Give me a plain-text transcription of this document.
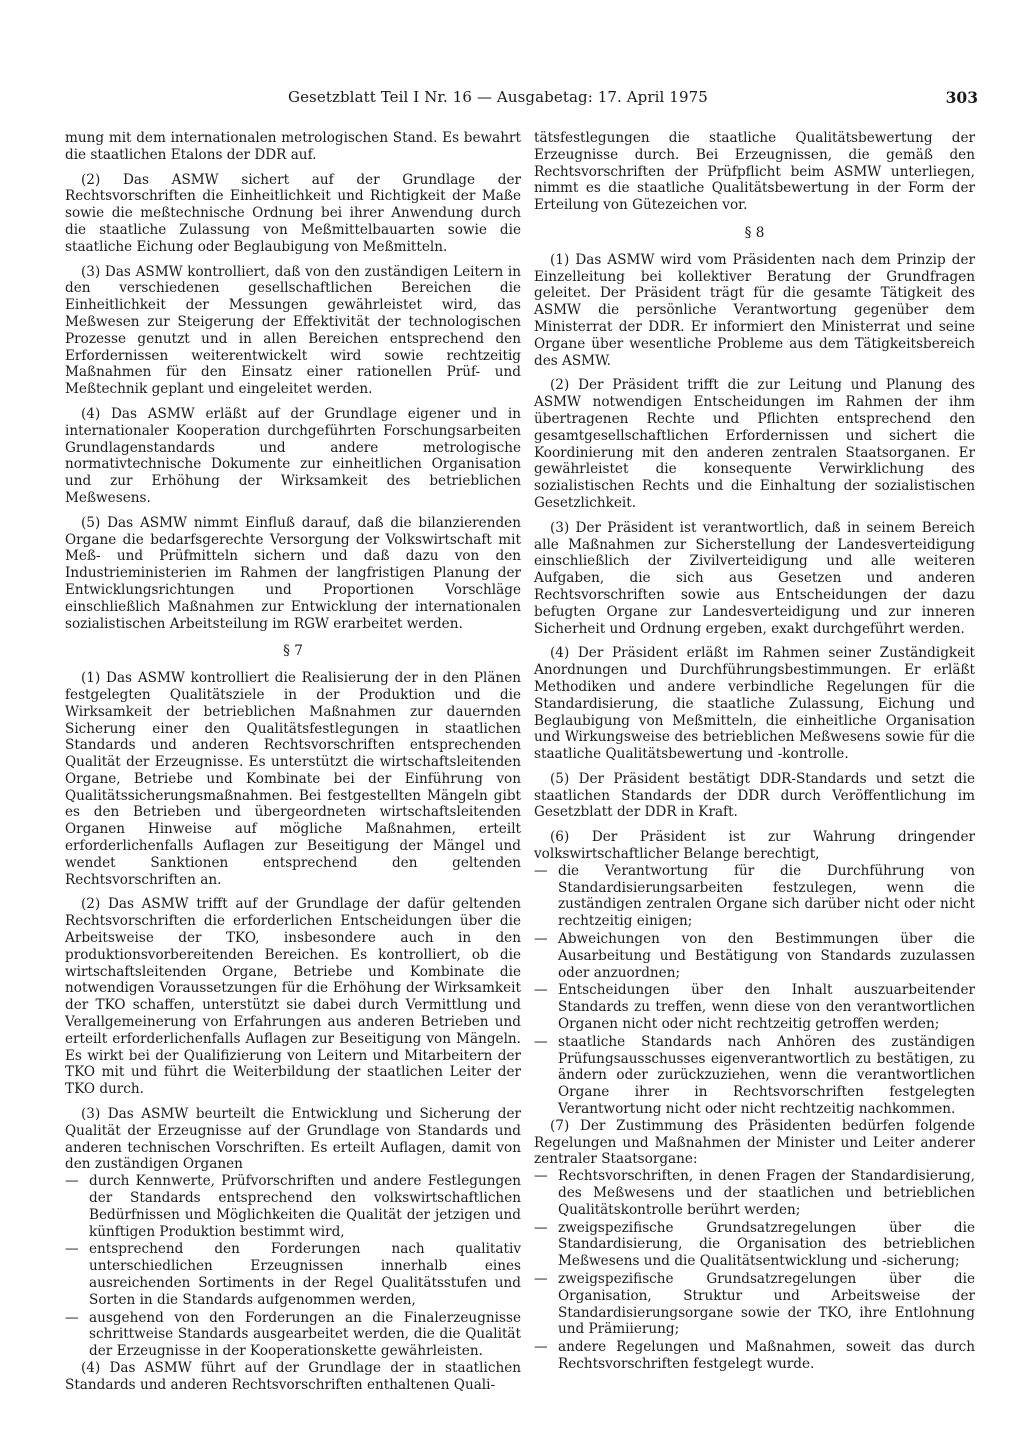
Gesetzblatt Teil I Nr. 16 — Ausgabetag: 17. April 1975	303

mung mit dem internationalen metrologischen Stand. Es bewahrt die staatlichen Etalons der DDR auf.

(2) Das ASMW sichert auf der Grundlage der Rechtsvorschriften die Einheitlichkeit und Richtigkeit der Maße sowie die meßtechnische Ordnung bei ihrer Anwendung durch die staatliche Zulassung von Meßmittelbauarten sowie die staatliche Eichung oder Beglaubigung von Meßmitteln.

(3) Das ASMW kontrolliert, daß von den zuständigen Leitern in den verschiedenen gesellschaftlichen Bereichen die Einheitlichkeit der Messungen gewährleistet wird, das Meßwesen zur Steigerung der Effektivität der technologischen Prozesse genutzt und in allen Bereichen entsprechend den Erfordernissen weiterentwickelt wird sowie rechtzeitig Maßnahmen für den Einsatz einer rationellen Prüf- und Meßtechnik geplant und eingeleitet werden.

(4) Das ASMW erläßt auf der Grundlage eigener und in internationaler Kooperation durchgeführten Forschungsarbeiten Grundlagenstandards und andere metrologische normativtechnische Dokumente zur einheitlichen Organisation und zur Erhöhung der Wirksamkeit des betrieblichen Meßwesens.

(5) Das ASMW nimmt Einfluß darauf, daß die bilanzierenden Organe die bedarfsgerechte Versorgung der Volkswirtschaft mit Meß- und Prüfmitteln sichern und daß dazu von den Industrieministerien im Rahmen der langfristigen Planung der Entwicklungsrichtungen und Proportionen Vorschläge einschließlich Maßnahmen zur Entwicklung der internationalen sozialistischen Arbeitsteilung im RGW erarbeitet werden.

§ 7

(1) Das ASMW kontrolliert die Realisierung der in den Plänen festgelegten Qualitätsziele in der Produktion und die Wirksamkeit der betrieblichen Maßnahmen zur dauernden Sicherung einer den Qualitätsfestlegungen in staatlichen Standards und anderen Rechtsvorschriften entsprechenden Qualität der Erzeugnisse. Es unterstützt die wirtschaftsleitenden Organe, Betriebe und Kombinate bei der Einführung von Qualitätssicherungsmaßnahmen. Bei festgestellten Mängeln gibt es den Betrieben und übergeordneten wirtschaftsleitenden Organen Hinweise auf mögliche Maßnahmen, erteilt erforderlichenfalls Auflagen zur Beseitigung der Mängel und wendet Sanktionen entsprechend den geltenden Rechtsvorschriften an.

(2) Das ASMW trifft auf der Grundlage der dafür geltenden Rechtsvorschriften die erforderlichen Entscheidungen über die Arbeitsweise der TKO, insbesondere auch in den produktionsvorbereitenden Bereichen. Es kontrolliert, ob die wirtschaftsleitenden Organe, Betriebe und Kombinate die notwendigen Voraussetzungen für die Erhöhung der Wirksamkeit der TKO schaffen, unterstützt sie dabei durch Vermittlung und Verallgemeinerung von Erfahrungen aus anderen Betrieben und erteilt erforderlichenfalls Auflagen zur Beseitigung von Mängeln. Es wirkt bei der Qualifizierung von Leitern und Mitarbeitern der TKO mit und führt die Weiterbildung der staatlichen Leiter der TKO durch.

(3) Das ASMW beurteilt die Entwicklung und Sicherung der Qualität der Erzeugnisse auf der Grundlage von Standards und anderen technischen Vorschriften. Es erteilt Auflagen, damit von den zuständigen Organen

— durch Kennwerte, Prüfvorschriften und andere Festlegungen der Standards entsprechend den volkswirtschaftlichen Bedürfnissen und Möglichkeiten die Qualität der jetzigen und künftigen Produktion bestimmt wird,
— entsprechend den Forderungen nach qualitativ unterschiedlichen Erzeugnissen innerhalb eines ausreichenden Sortiments in der Regel Qualitätsstufen und Sorten in die Standards aufgenommen werden,
— ausgehend von den Forderungen an die Finalerzeugnisse schrittweise Standards ausgearbeitet werden, die die Qualität der Erzeugnisse in der Kooperationskette gewährleisten.

(4) Das ASMW führt auf der Grundlage der in staatlichen Standards und anderen Rechtsvorschriften enthaltenen Quali-

tätsfestlegungen die staatliche Qualitätsbewertung der Erzeugnisse durch. Bei Erzeugnissen, die gemäß den Rechtsvorschriften der Prüfpflicht beim ASMW unterliegen, nimmt es die staatliche Qualitätsbewertung in der Form der Erteilung von Gütezeichen vor.

§ 8

(1) Das ASMW wird vom Präsidenten nach dem Prinzip der Einzelleitung bei kollektiver Beratung der Grundfragen geleitet. Der Präsident trägt für die gesamte Tätigkeit des ASMW die persönliche Verantwortung gegenüber dem Ministerrat der DDR. Er informiert den Ministerrat und seine Organe über wesentliche Probleme aus dem Tätigkeitsbereich des ASMW.

(2) Der Präsident trifft die zur Leitung und Planung des ASMW notwendigen Entscheidungen im Rahmen der ihm übertragenen Rechte und Pflichten entsprechend den gesamtgesellschaftlichen Erfordernissen und sichert die Koordinierung mit den anderen zentralen Staatsorganen. Er gewährleistet die konsequente Verwirklichung des sozialistischen Rechts und die Einhaltung der sozialistischen Gesetzlichkeit.

(3) Der Präsident ist verantwortlich, daß in seinem Bereich alle Maßnahmen zur Sicherstellung der Landesverteidigung einschließlich der Zivilverteidigung und alle weiteren Aufgaben, die sich aus Gesetzen und anderen Rechtsvorschriften sowie aus Entscheidungen der dazu befugten Organe zur Landesverteidigung und zur inneren Sicherheit und Ordnung ergeben, exakt durchgeführt werden.

(4) Der Präsident erläßt im Rahmen seiner Zuständigkeit Anordnungen und Durchführungsbestimmungen. Er erläßt Methodiken und andere verbindliche Regelungen für die Standardisierung, die staatliche Zulassung, Eichung und Beglaubigung von Meßmitteln, die einheitliche Organisation und Wirkungsweise des betrieblichen Meßwesens sowie für die staatliche Qualitätsbewertung und -kontrolle.

(5) Der Präsident bestätigt DDR-Standards und setzt die staatlichen Standards der DDR durch Veröffentlichung im Gesetzblatt der DDR in Kraft.

(6) Der Präsident ist zur Wahrung dringender volkswirtschaftlicher Belange berechtigt,

— die Verantwortung für die Durchführung von Standardisierungsarbeiten festzulegen, wenn die zuständigen zentralen Organe sich darüber nicht oder nicht rechtzeitig einigen;
— Abweichungen von den Bestimmungen über die Ausarbeitung und Bestätigung von Standards zuzulassen oder anzuordnen;
— Entscheidungen über den Inhalt auszuarbeitender Standards zu treffen, wenn diese von den verantwortlichen Organen nicht oder nicht rechtzeitig getroffen werden;
— staatliche Standards nach Anhören des zuständigen Prüfungsausschusses eigenverantwortlich zu bestätigen, zu ändern oder zurückzuziehen, wenn die verantwortlichen Organe ihrer in Rechtsvorschriften festgelegten Verantwortung nicht oder nicht rechtzeitig nachkommen.

(7) Der Zustimmung des Präsidenten bedürfen folgende Regelungen und Maßnahmen der Minister und Leiter anderer zentraler Staatsorgane:

— Rechtsvorschriften, in denen Fragen der Standardisierung, des Meßwesens und der staatlichen und betrieblichen Qualitätskontrolle berührt werden;
— zweigspezifische Grundsatzregelungen über die Standardisierung, die Organisation des betrieblichen Meßwesens und die Qualitätsentwicklung und -sicherung;
— zweigspezifische Grundsatzregelungen über die Organisation, Struktur und Arbeitsweise der Standardisierungsorgane sowie der TKO, ihre Entlohnung und Prämiierung;
— andere Regelungen und Maßnahmen, soweit das durch Rechtsvorschriften festgelegt wurde.
